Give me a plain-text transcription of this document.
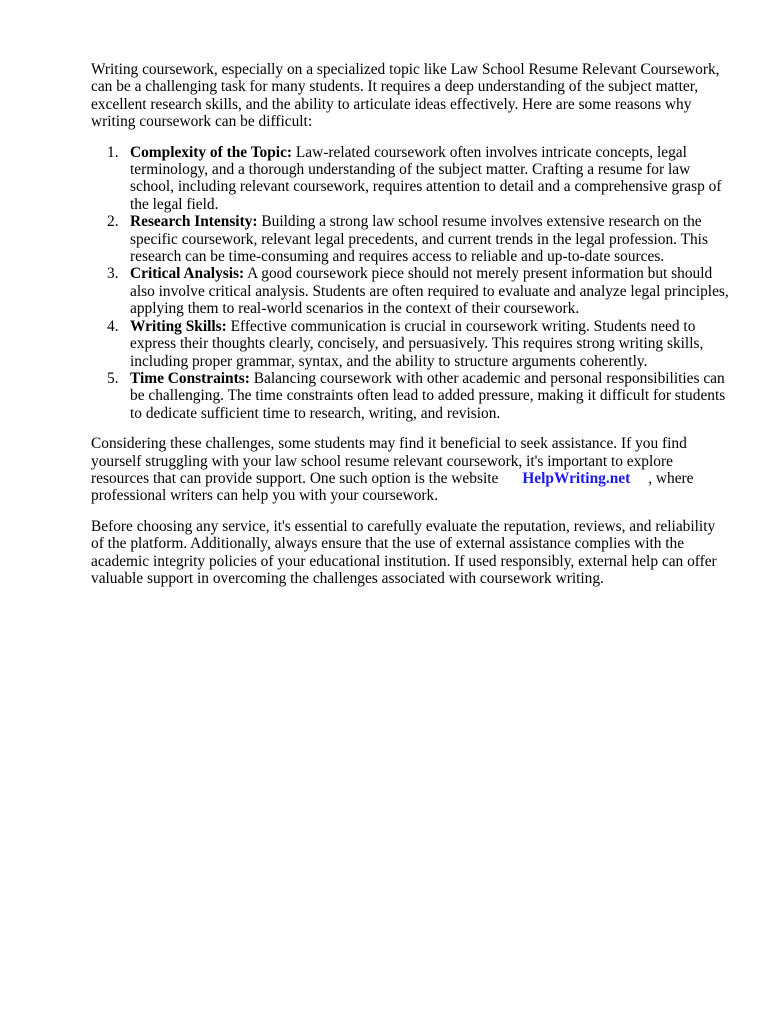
Writing coursework, especially on a specialized topic like Law School Resume Relevant Coursework, can be a challenging task for many students. It requires a deep understanding of the subject matter, excellent research skills, and the ability to articulate ideas effectively. Here are some reasons why writing coursework can be difficult:

1. Complexity of the Topic: Law-related coursework often involves intricate concepts, legal terminology, and a thorough understanding of the subject matter. Crafting a resume for law school, including relevant coursework, requires attention to detail and a comprehensive grasp of the legal field.
2. Research Intensity: Building a strong law school resume involves extensive research on the specific coursework, relevant legal precedents, and current trends in the legal profession. This research can be time-consuming and requires access to reliable and up-to-date sources.
3. Critical Analysis: A good coursework piece should not merely present information but should also involve critical analysis. Students are often required to evaluate and analyze legal principles, applying them to real-world scenarios in the context of their coursework.
4. Writing Skills: Effective communication is crucial in coursework writing. Students need to express their thoughts clearly, concisely, and persuasively. This requires strong writing skills, including proper grammar, syntax, and the ability to structure arguments coherently.
5. Time Constraints: Balancing coursework with other academic and personal responsibilities can be challenging. The time constraints often lead to added pressure, making it difficult for students to dedicate sufficient time to research, writing, and revision.

Considering these challenges, some students may find it beneficial to seek assistance. If you find yourself struggling with your law school resume relevant coursework, it's important to explore resources that can provide support. One such option is the website HelpWriting.net , where professional writers can help you with your coursework.

Before choosing any service, it's essential to carefully evaluate the reputation, reviews, and reliability of the platform. Additionally, always ensure that the use of external assistance complies with the academic integrity policies of your educational institution. If used responsibly, external help can offer valuable support in overcoming the challenges associated with coursework writing.
